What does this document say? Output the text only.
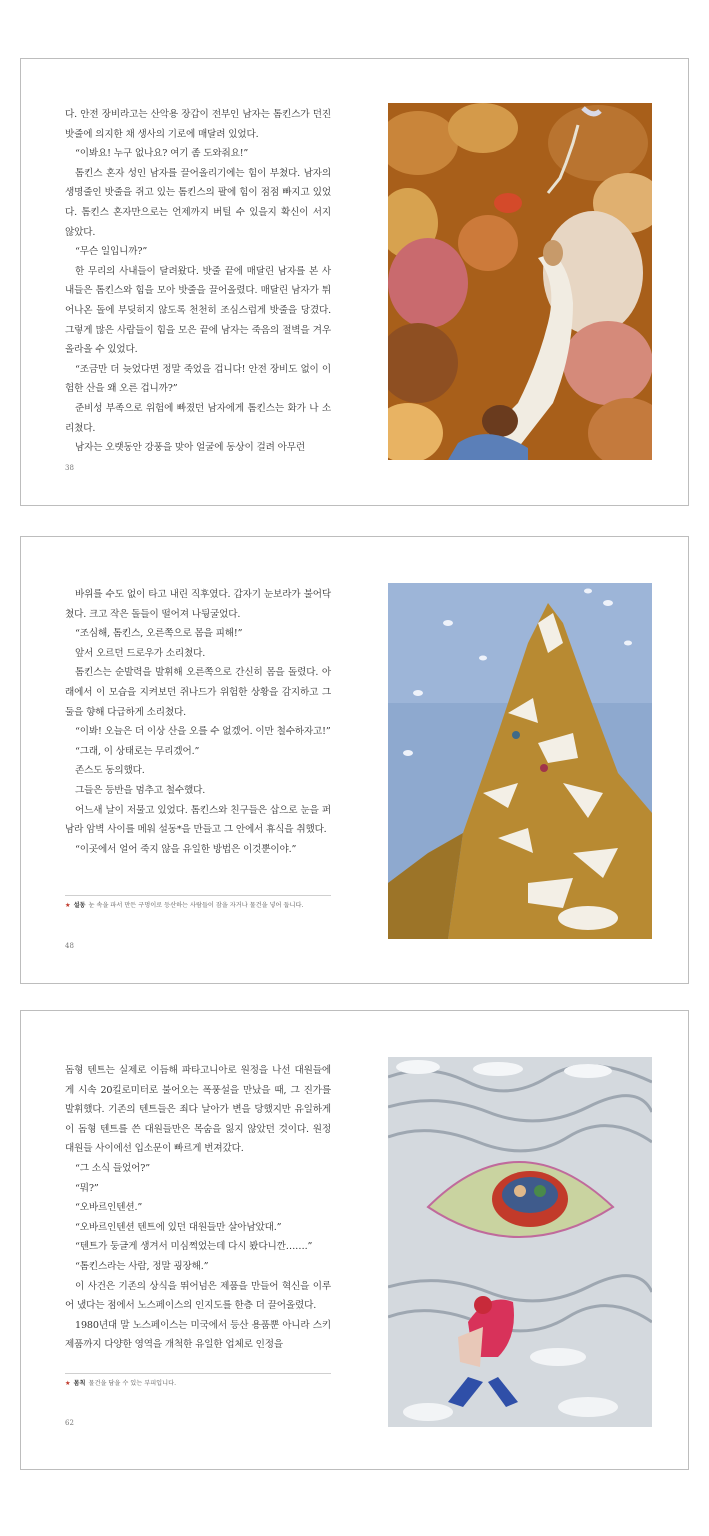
다. 안전 장비라고는 산악용 장갑이 전부인 남자는 톰킨스가 던진 밧줄에 의지한 채 생사의 기로에 매달려 있었다.

“이봐요! 누구 없나요? 여기 좀 도와줘요!”

톰킨스 혼자 성인 남자를 끌어올리기에는 힘이 부쳤다. 남자의 생명줄인 밧줄을 쥐고 있는 톰킨스의 팔에 힘이 점점 빠지고 있었다. 톰킨스 혼자만으로는 언제까지 버틸 수 있을지 확신이 서지 않았다.

“무슨 일입니까?”

한 무리의 사내들이 달려왔다. 밧줄 끝에 매달린 남자를 본 사내들은 톰킨스와 힘을 모아 밧줄을 끌어올렸다. 매달린 남자가 튀어나온 돌에 부딪히지 않도록 천천히 조심스럽게 밧줄을 당겼다. 그렇게 많은 사람들이 힘을 모은 끝에 남자는 죽음의 절벽을 겨우 올라올 수 있었다.

“조금만 더 늦었다면 정말 죽었을 겁니다! 안전 장비도 없이 이 험한 산을 왜 오른 겁니까?”

준비성 부족으로 위험에 빠졌던 남자에게 톰킨스는 화가 나 소리쳤다.

남자는 오랫동안 강풍을 맞아 얼굴에 동상이 걸려 아무런

38

바위를 수도 없이 타고 내린 직후였다. 갑자기 눈보라가 불어닥쳤다. 크고 작은 돌들이 떨어져 나뒹굴었다.

“조심해, 톰킨스, 오른쪽으로 몸을 피해!”

앞서 오르던 드로우가 소리쳤다.

톰킨스는 순발력을 발휘해 오른쪽으로 간신히 몸을 돌렸다. 아래에서 이 모습을 지켜보던 쥐나드가 위험한 상황을 감지하고 그 둘을 향해 다급하게 소리쳤다.

“이봐! 오늘은 더 이상 산을 오를 수 없겠어. 이만 철수하자고!”

“그래, 이 상태로는 무리겠어.”

존스도 동의했다.

그들은 등반을 멈추고 철수했다.

어느새 날이 저물고 있었다. 톰킨스와 친구들은 삽으로 눈을 퍼 남라 암벽 사이를 메워 설동*을 만들고 그 안에서 휴식을 취했다.

“이곳에서 얼어 죽지 않을 유일한 방법은 이것뿐이야.”

★ 설동 눈 속을 파서 만든 구멍이로 등산하는 사람들이 잠을 자거나 물건을 넣어 둡니다.
48

돔형 텐트는 실제로 이듬해 파타고니아로 원정을 나선 대원들에게 시속 20킬로미터로 불어오는 폭풍설을 만났을 때, 그 진가를 발휘했다. 기존의 텐트들은 죄다 날아가 변을 당했지만 유일하게 이 돔형 텐트를 쓴 대원들만은 목숨을 잃지 않았던 것이다. 원정 대원들 사이에선 입소문이 빠르게 번져갔다.

“그 소식 들었어?”

“뭐?”

“오바르인텐션.”

“오바르인텐션 텐트에 있던 대원들만 살아남았대.”

“텐트가 둥글게 생겨서 미심쩍었는데 다시 봤다니깐…….”

“톰킨스라는 사람, 정말 굉장해.”

이 사건은 기존의 상식을 뛰어넘은 제품을 만들어 혁신을 이루어 냈다는 점에서 노스페이스의 인지도를 한층 더 끌어올렸다.

1980년대 말 노스페이스는 미국에서 등산 용품뿐 아니라 스키 제품까지 다양한 영역을 개척한 유일한 업체로 인정을

★ 몸칙 물건을 담을 수 있는 부피입니다.
62
